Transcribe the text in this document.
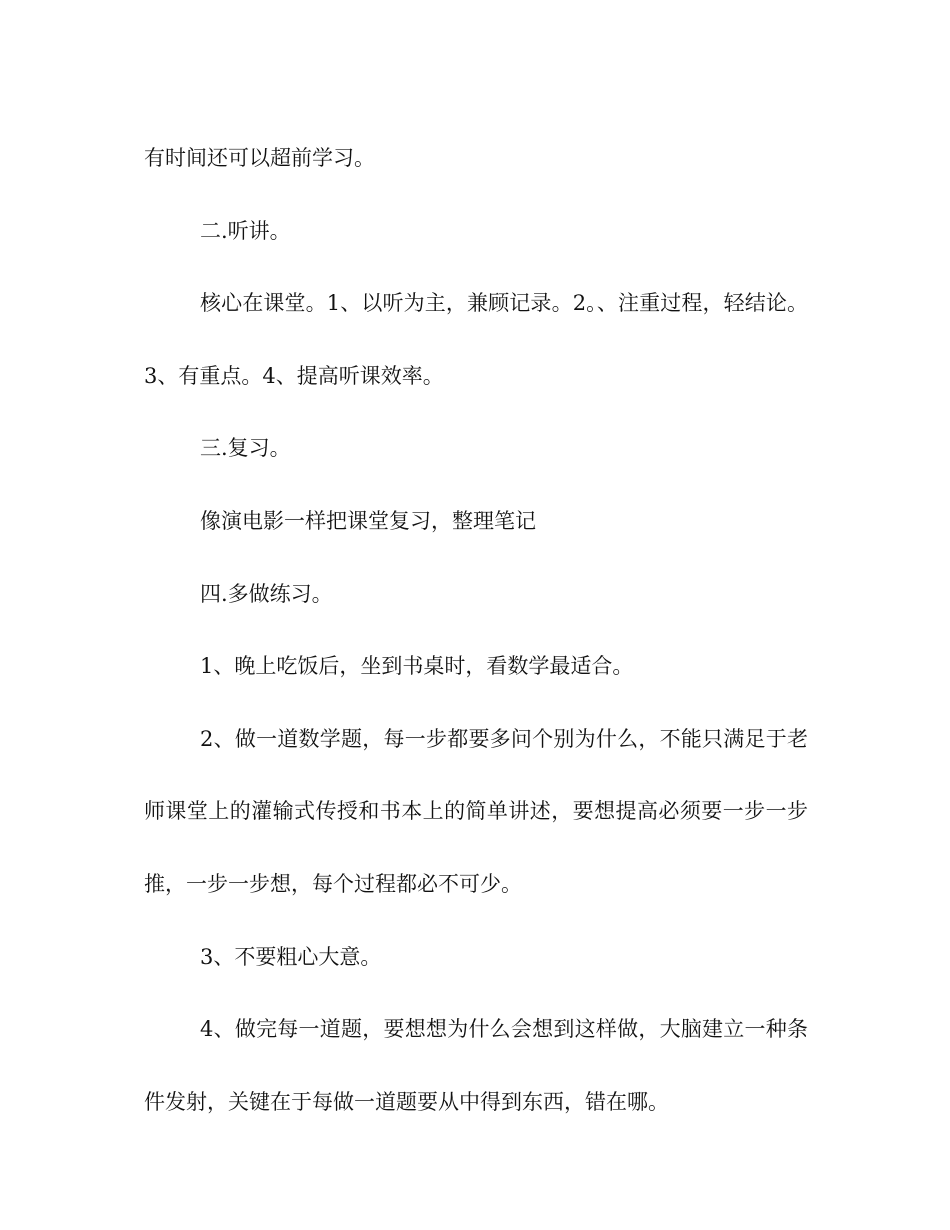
有时间还可以超前学习。

二.听讲。

核心在课堂。1、以听为主，兼顾记录。2。、注重过程，轻结论。3、有重点。4、提高听课效率。

三.复习。

像演电影一样把课堂复习，整理笔记

四.多做练习。

1、晚上吃饭后，坐到书桌时，看数学最适合。

2、做一道数学题，每一步都要多问个别为什么，不能只满足于老师课堂上的灌输式传授和书本上的简单讲述，要想提高必须要一步一步推，一步一步想，每个过程都必不可少。

3、不要粗心大意。

4、做完每一道题，要想想为什么会想到这样做，大脑建立一种条件发射，关键在于每做一道题要从中得到东西，错在哪。
